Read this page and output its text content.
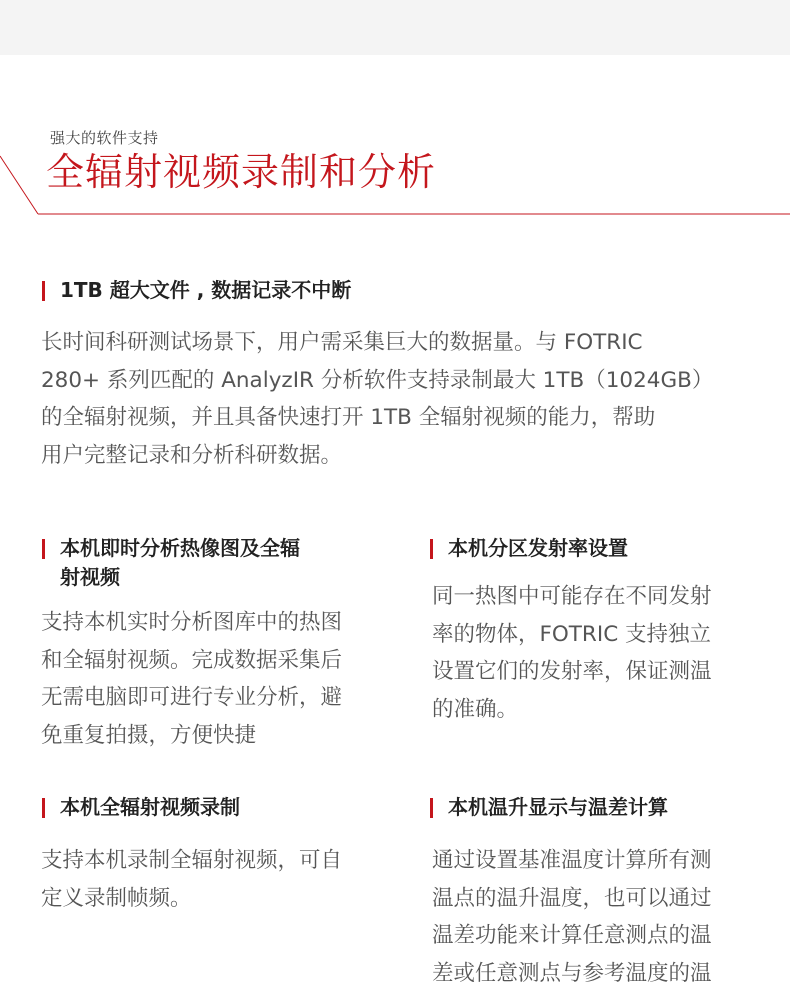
强大的软件支持
全辐射视频录制和分析
1TB 超大文件 , 数据记录不中断
长时间科研测试场景下，用户需采集巨大的数据量。与 FOTRIC
280+ 系列匹配的 AnalyzIR 分析软件支持录制最大 1TB（1024GB）
的全辐射视频，并且具备快速打开 1TB 全辐射视频的能力，帮助
用户完整记录和分析科研数据。
本机即时分析热像图及全辐
射视频
支持本机实时分析图库中的热图
和全辐射视频。完成数据采集后
无需电脑即可进行专业分析，避
免重复拍摄，方便快捷
本机分区发射率设置
同一热图中可能存在不同发射
率的物体，FOTRIC 支持独立
设置它们的发射率，保证测温
的准确。
本机全辐射视频录制
支持本机录制全辐射视频，可自
定义录制帧频。
本机温升显示与温差计算
通过设置基准温度计算所有测
温点的温升温度，也可以通过
温差功能来计算任意测点的温
差或任意测点与参考温度的温
